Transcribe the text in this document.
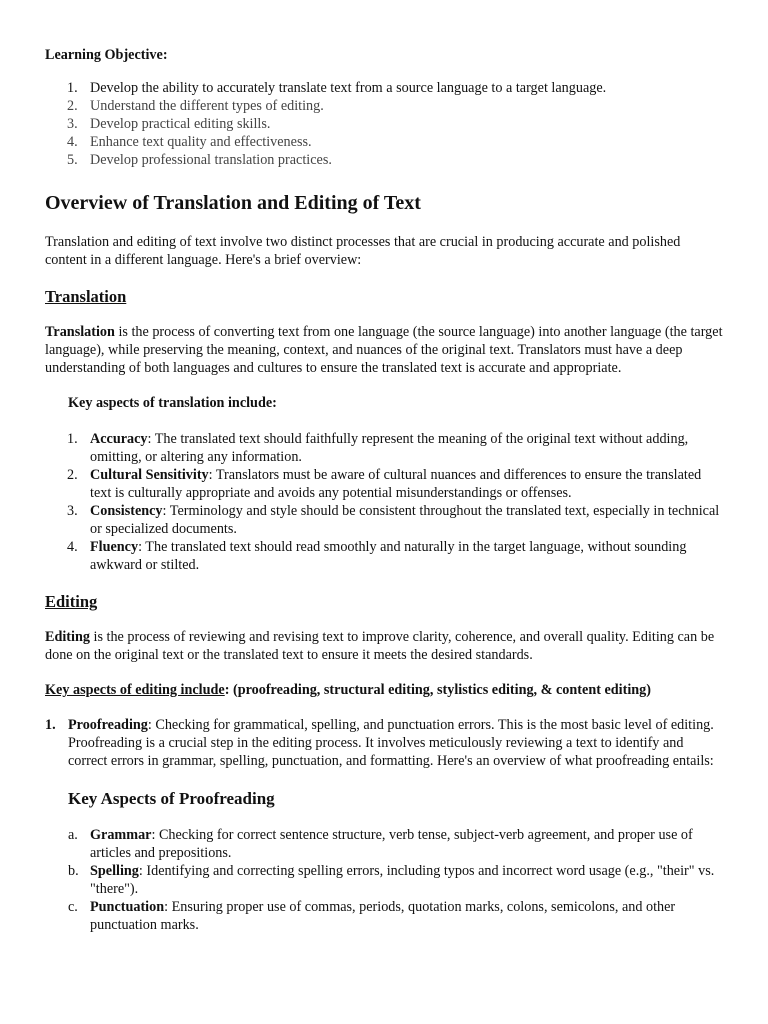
Learning Objective:

1. Develop the ability to accurately translate text from a source language to a target language.
2. Understand the different types of editing.
3. Develop practical editing skills.
4. Enhance text quality and effectiveness.
5. Develop professional translation practices.
Overview of Translation and Editing of Text

Translation and editing of text involve two distinct processes that are crucial in producing accurate and polished content in a different language. Here's a brief overview:

Translation

Translation is the process of converting text from one language (the source language) into another language (the target language), while preserving the meaning, context, and nuances of the original text. Translators must have a deep understanding of both languages and cultures to ensure the translated text is accurate and appropriate.

Key aspects of translation include:

1. Accuracy: The translated text should faithfully represent the meaning of the original text without adding, omitting, or altering any information.
2. Cultural Sensitivity: Translators must be aware of cultural nuances and differences to ensure the translated text is culturally appropriate and avoids any potential misunderstandings or offenses.
3. Consistency: Terminology and style should be consistent throughout the translated text, especially in technical or specialized documents.
4. Fluency: The translated text should read smoothly and naturally in the target language, without sounding awkward or stilted.
Editing

Editing is the process of reviewing and revising text to improve clarity, coherence, and overall quality. Editing can be done on the original text or the translated text to ensure it meets the desired standards.

Key aspects of editing include: (proofreading, structural editing, stylistics editing, & content editing)

1. Proofreading: Checking for grammatical, spelling, and punctuation errors. This is the most basic level of editing. Proofreading is a crucial step in the editing process. It involves meticulously reviewing a text to identify and correct errors in grammar, spelling, punctuation, and formatting. Here's an overview of what proofreading entails:
Key Aspects of Proofreading
a. Grammar: Checking for correct sentence structure, verb tense, subject-verb agreement, and proper use of articles and prepositions.
b. Spelling: Identifying and correcting spelling errors, including typos and incorrect word usage (e.g., "their" vs. "there").
c. Punctuation: Ensuring proper use of commas, periods, quotation marks, colons, semicolons, and other punctuation marks.
